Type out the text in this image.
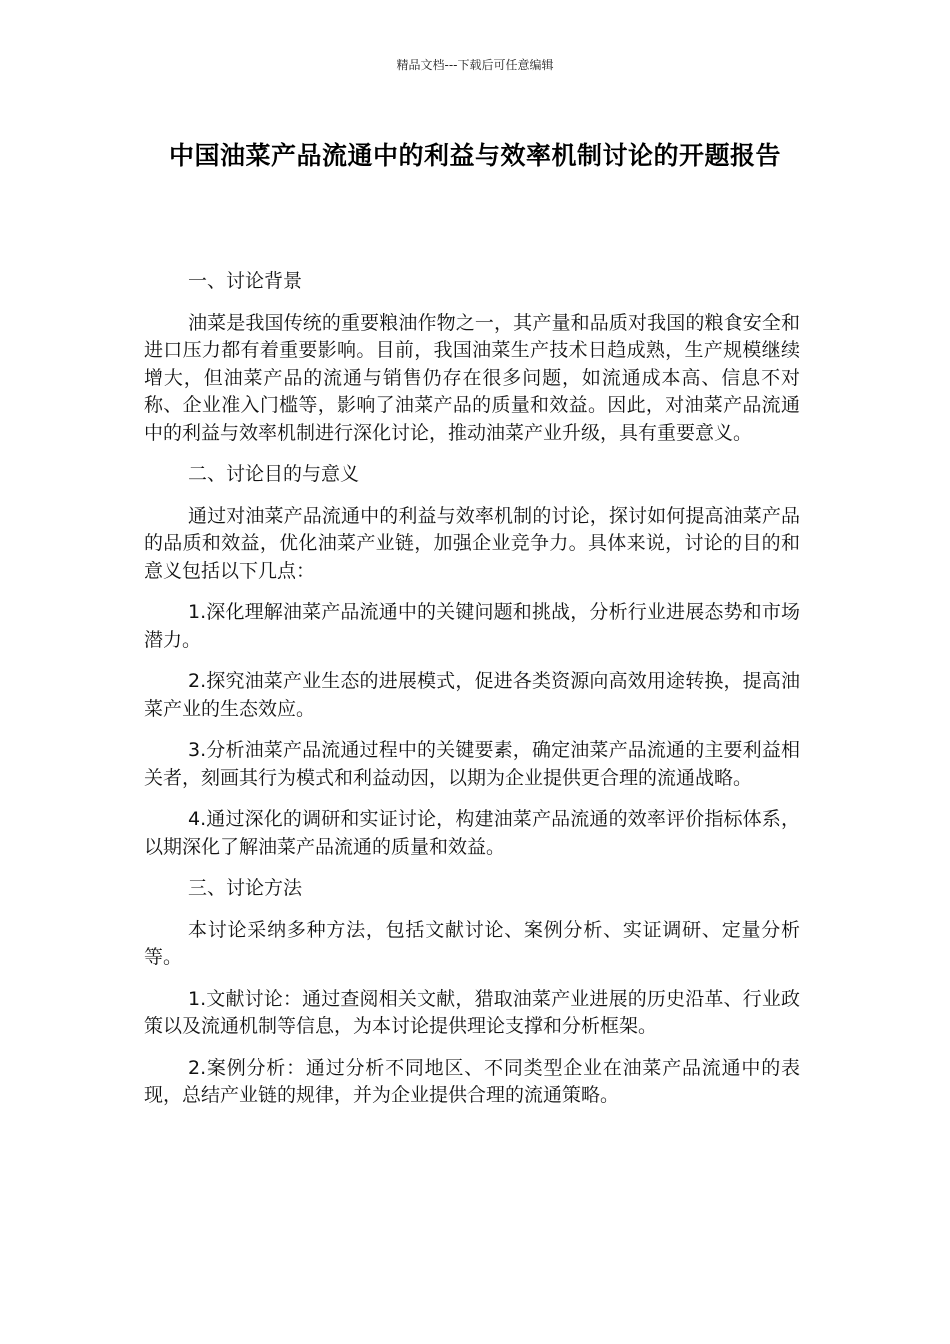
精品文档---下载后可任意编辑
中国油菜产品流通中的利益与效率机制讨论的开题报告

一、讨论背景

油菜是我国传统的重要粮油作物之一，其产量和品质对我国的粮食安全和进口压力都有着重要影响。目前，我国油菜生产技术日趋成熟，生产规模继续增大，但油菜产品的流通与销售仍存在很多问题，如流通成本高、信息不对称、企业准入门槛等，影响了油菜产品的质量和效益。因此，对油菜产品流通中的利益与效率机制进行深化讨论，推动油菜产业升级，具有重要意义。

二、讨论目的与意义

通过对油菜产品流通中的利益与效率机制的讨论，探讨如何提高油菜产品的品质和效益，优化油菜产业链，加强企业竞争力。具体来说，讨论的目的和意义包括以下几点：

1.深化理解油菜产品流通中的关键问题和挑战，分析行业进展态势和市场潜力。

2.探究油菜产业生态的进展模式，促进各类资源向高效用途转换，提高油菜产业的生态效应。

3.分析油菜产品流通过程中的关键要素，确定油菜产品流通的主要利益相关者，刻画其行为模式和利益动因，以期为企业提供更合理的流通战略。

4.通过深化的调研和实证讨论，构建油菜产品流通的效率评价指标体系，以期深化了解油菜产品流通的质量和效益。

三、讨论方法

本讨论采纳多种方法，包括文献讨论、案例分析、实证调研、定量分析等。

1.文献讨论：通过查阅相关文献，猎取油菜产业进展的历史沿革、行业政策以及流通机制等信息，为本讨论提供理论支撑和分析框架。

2.案例分析：通过分析不同地区、不同类型企业在油菜产品流通中的表现，总结产业链的规律，并为企业提供合理的流通策略。
